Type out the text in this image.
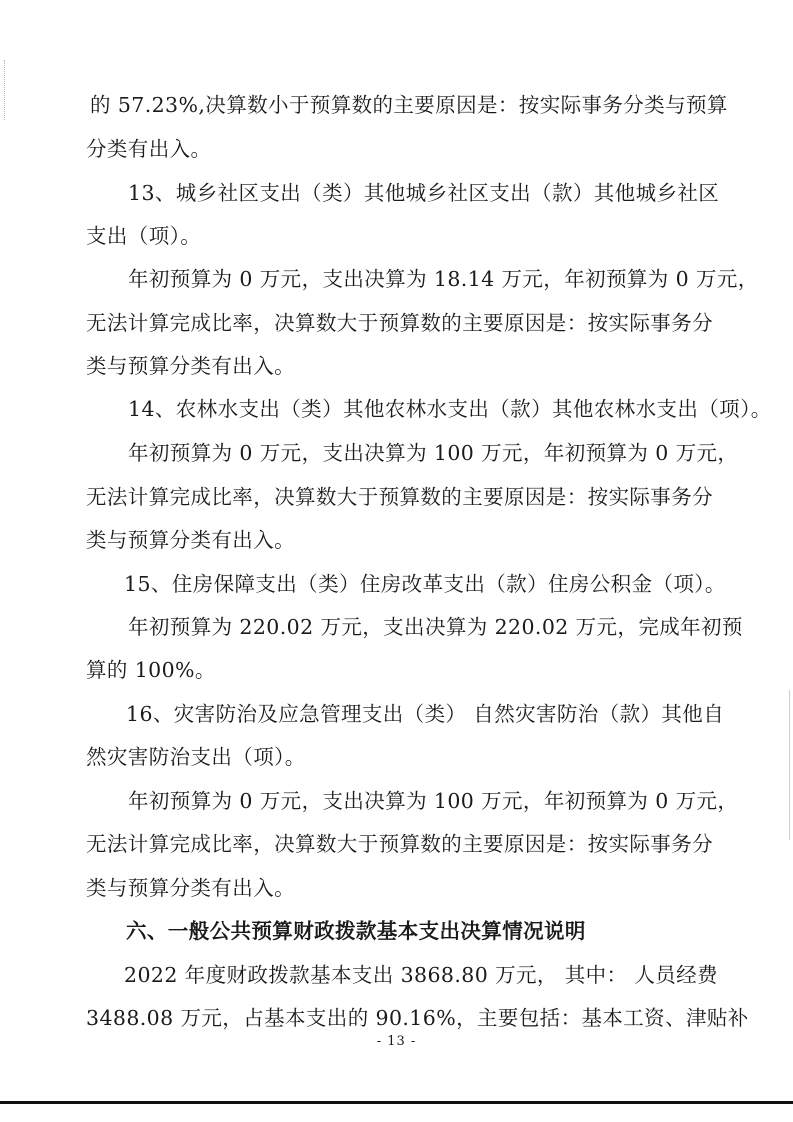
的 57.23%,决算数小于预算数的主要原因是：按实际事务分类与预算
分类有出入。
13、城乡社区支出（类）其他城乡社区支出（款）其他城乡社区
支出（项）。
年初预算为 0 万元，支出决算为 18.14 万元，年初预算为 0 万元，
无法计算完成比率，决算数大于预算数的主要原因是：按实际事务分
类与预算分类有出入。
14、农林水支出（类）其他农林水支出（款）其他农林水支出（项）。
年初预算为 0 万元，支出决算为 100 万元，年初预算为 0 万元，
无法计算完成比率，决算数大于预算数的主要原因是：按实际事务分
类与预算分类有出入。
15、住房保障支出（类）住房改革支出（款）住房公积金（项）。
年初预算为 220.02 万元，支出决算为 220.02 万元，完成年初预
算的 100%。
16、灾害防治及应急管理支出（类） 自然灾害防治（款）其他自
然灾害防治支出（项）。
年初预算为 0 万元，支出决算为 100 万元，年初预算为 0 万元，
无法计算完成比率，决算数大于预算数的主要原因是：按实际事务分
类与预算分类有出入。
六、一般公共预算财政拨款基本支出决算情况说明
2022 年度财政拨款基本支出 3868.80 万元， 其中： 人员经费
3488.08 万元，占基本支出的 90.16%，主要包括：基本工资、津贴补
- 13 -
